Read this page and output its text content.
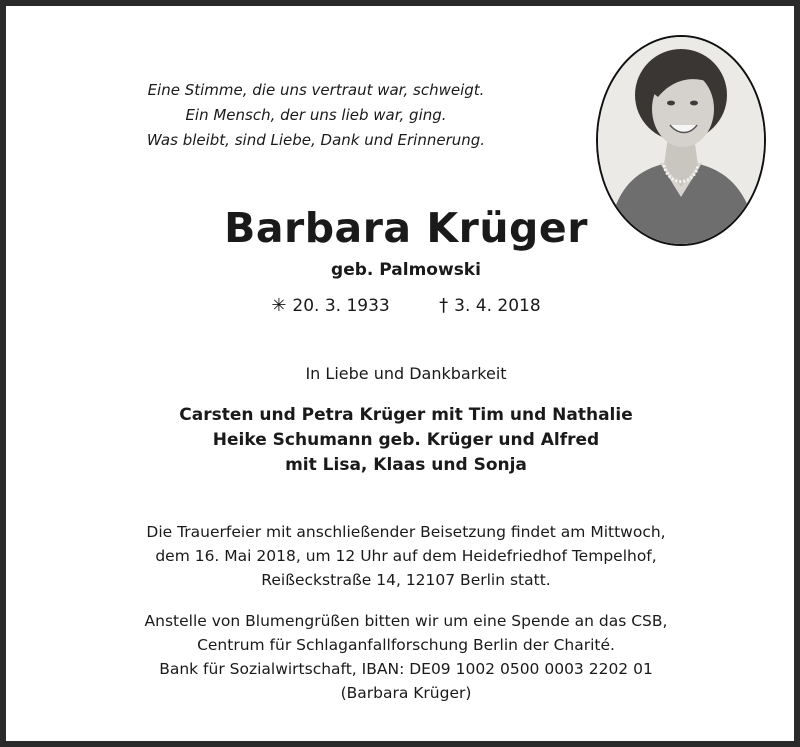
Eine Stimme, die uns vertraut war, schweigt.
Ein Mensch, der uns lieb war, ging.
Was bleibt, sind Liebe, Dank und Erinnerung.
Barbara Krüger
geb. Palmowski
✳ 20. 3. 1933	† 3. 4. 2018
In Liebe und Dankbarkeit
Carsten und Petra Krüger mit Tim und Nathalie
Heike Schumann geb. Krüger und Alfred
mit Lisa, Klaas und Sonja
Die Trauerfeier mit anschließender Beisetzung findet am Mittwoch,
dem 16. Mai 2018, um 12 Uhr auf dem Heidefriedhof Tempelhof,
Reißeckstraße 14, 12107 Berlin statt.
Anstelle von Blumengrüßen bitten wir um eine Spende an das CSB,
Centrum für Schlaganfallforschung Berlin der Charité.
Bank für Sozialwirtschaft, IBAN: DE09 1002 0500 0003 2202 01
(Barbara Krüger)
